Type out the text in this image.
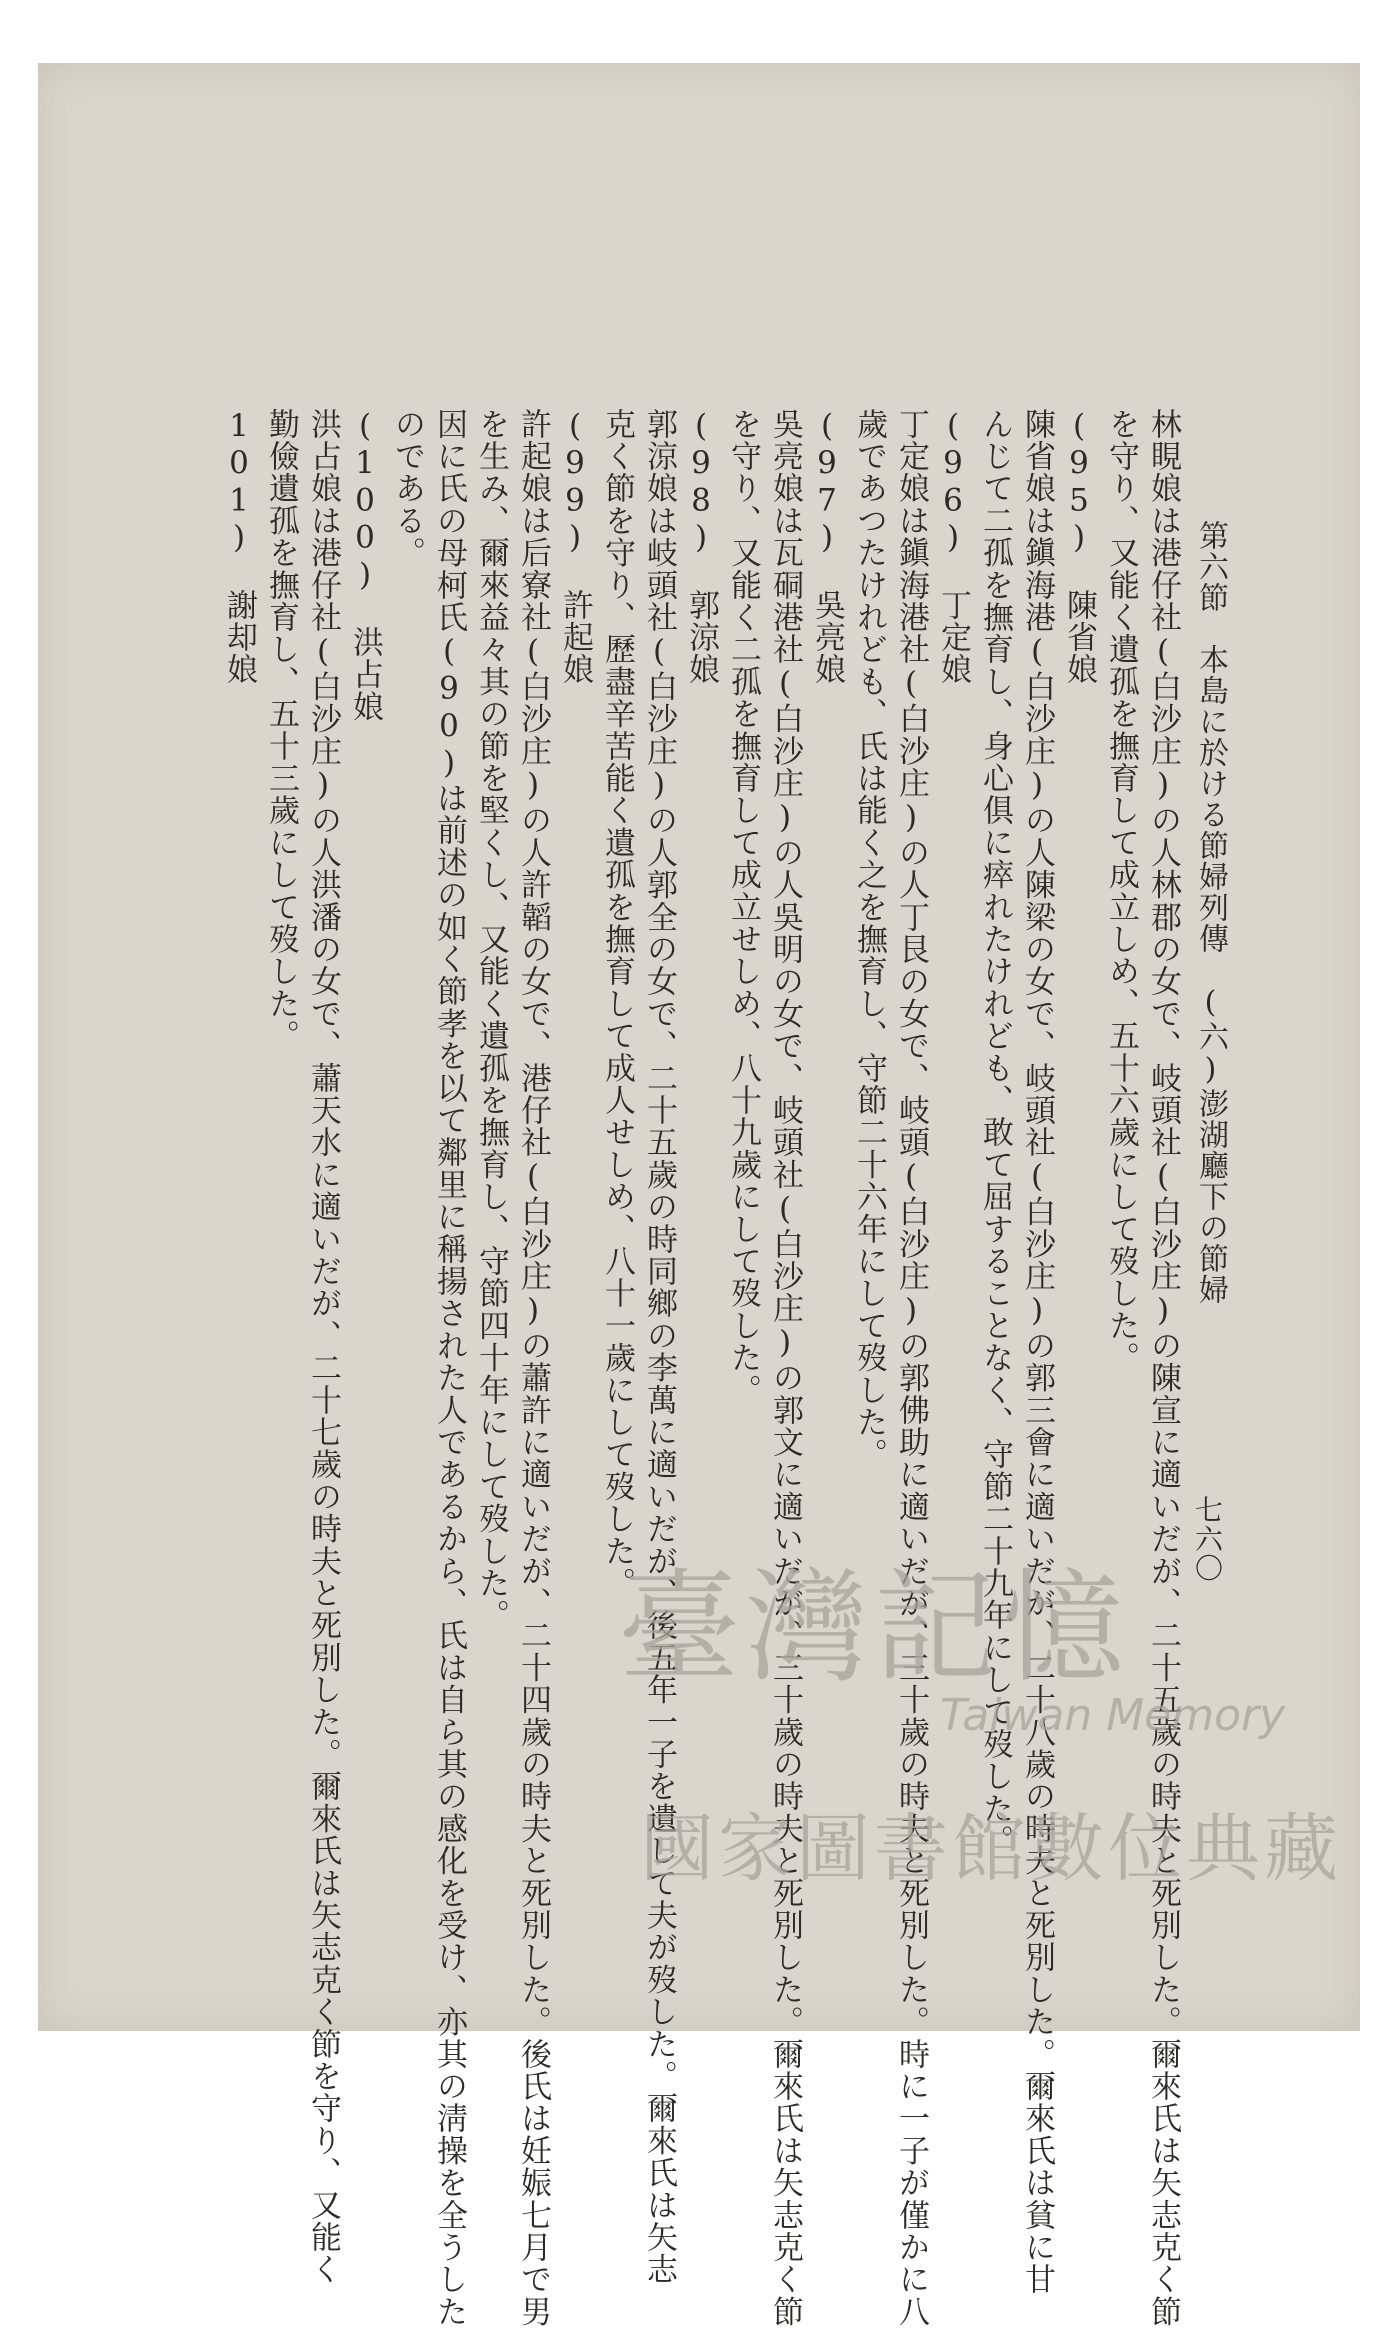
第六節　本島に於ける節婦列傳　(六)澎湖廳下の節婦
七六〇
林睍娘は港仔社(白沙庄)の人林郡の女で、岐頭社(白沙庄)の陳宣に適いだが、二十五歲の時夫と死別した。爾來氏は矢志克く節
を守り、又能く遺孤を撫育して成立しめ、五十六歲にして歿した。
(95)　陳省娘
陳省娘は鎭海港(白沙庄)の人陳梁の女で、岐頭社(白沙庄)の郭三會に適いだが、二十八歲の時夫と死別した。爾來氏は貧に甘
んじて二孤を撫育し、身心俱に瘁れたけれども、敢て屈することなく、守節二十九年にして歿した。
(96)　丁定娘
丁定娘は鎭海港社(白沙庄)の人丁艮の女で、岐頭(白沙庄)の郭佛助に適いだが、三十歲の時夫と死別した。時に一子が僅かに八
歲であつたけれども、氏は能く之を撫育し、守節二十六年にして歿した。
(97)　吳亮娘
吳亮娘は瓦硐港社(白沙庄)の人吳明の女で、岐頭社(白沙庄)の郭文に適いだが、三十歲の時夫と死別した。爾來氏は矢志克く節
を守り、又能く二孤を撫育して成立せしめ、八十九歲にして歿した。
(98)　郭涼娘
郭涼娘は岐頭社(白沙庄)の人郭全の女で、二十五歲の時同鄉の李萬に適いだが、後五年一子を遺して夫が歿した。爾來氏は矢志
克く節を守り、歷盡辛苦能く遺孤を撫育して成人せしめ、八十一歲にして歿した。
(99)　許起娘
許起娘は后寮社(白沙庄)の人許韜の女で、港仔社(白沙庄)の蕭許に適いだが、二十四歲の時夫と死別した。後氏は妊娠七月で男
を生み、爾來益々其の節を堅くし、又能く遺孤を撫育し、守節四十年にして歿した。
因に氏の母柯氏(90)は前述の如く節孝を以て鄰里に稱揚された人であるから、氏は自ら其の感化を受け、亦其の淸操を全うした
のである。
(100)　洪占娘
洪占娘は港仔社(白沙庄)の人洪潘の女で、蕭天水に適いだが、二十七歲の時夫と死別した。爾來氏は矢志克く節を守り、又能く
勤儉遺孤を撫育し、五十三歲にして歿した。
101)　謝却娘
臺灣記憶
Taiwan Memory
國家圖書館數位典藏
